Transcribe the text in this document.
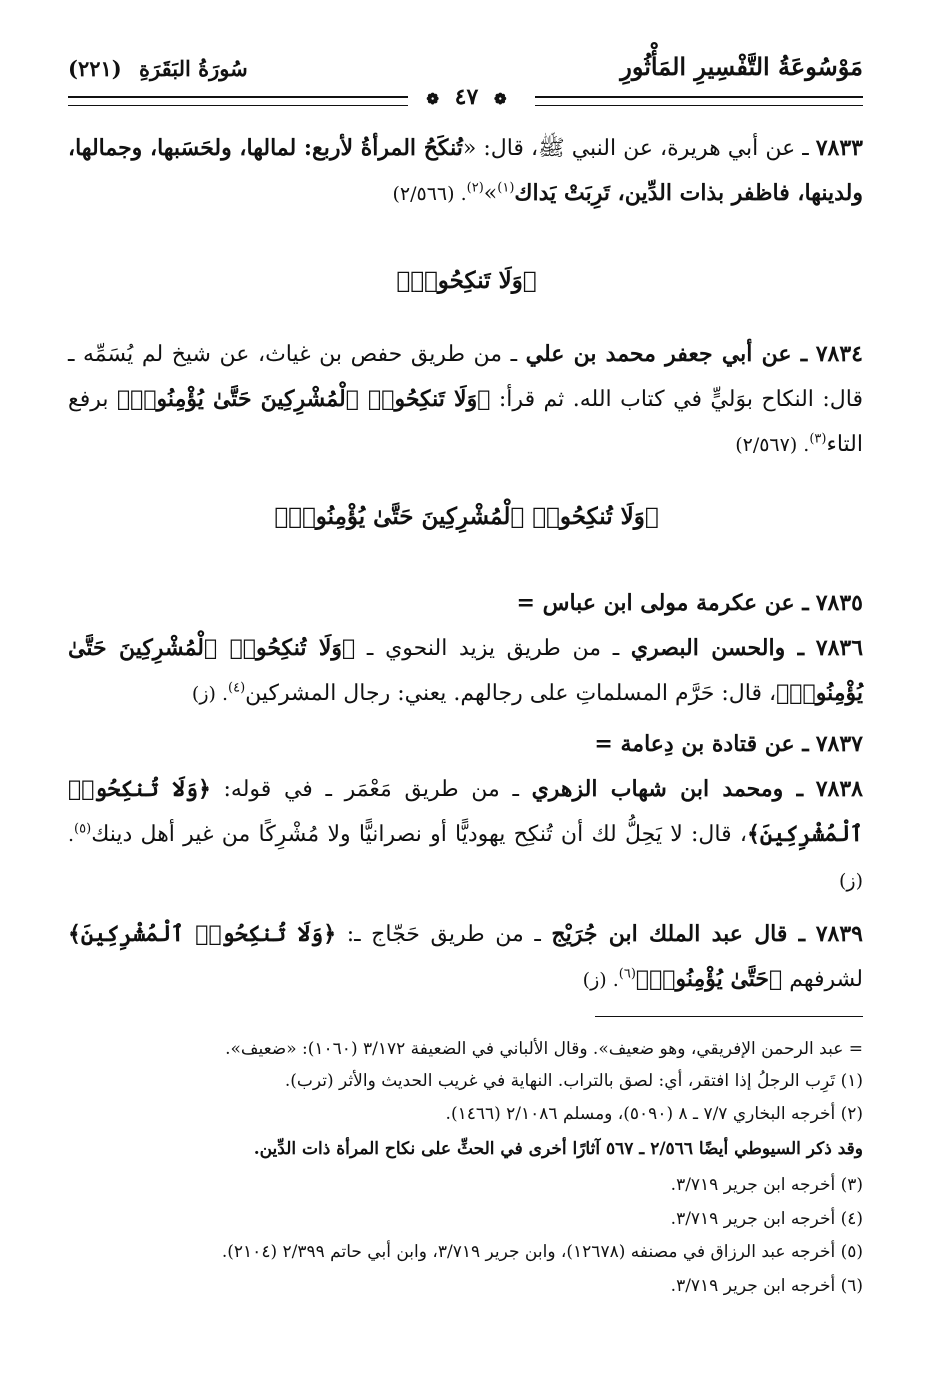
مَوْسُوعَةُ التَّفْسِيرِ المَأْثُورِ
سُورَةُ البَقَرَةِ (٢٢١)
❁ ٤٧ ❁
٧٨٣٣ ـ عن أبي هريرة، عن النبي ﷺ، قال: «تُنكَحُ المرأةُ لأربع: لمالها، ولحَسَبها، وجمالها، ولدينها، فاظفر بذات الدِّين، تَرِبَتْ يَداك$^{(١)}$»$^{(٢)}$. (٢/٥٦٦)
﴿وَلَا تَنكِحُوا۟﴾
٧٨٣٤ ـ عن أبي جعفر محمد بن علي ـ من طريق حفص بن غياث، عن شيخ لم يُسَمِّه ـ قال: النكاح بوَليٍّ في كتاب الله. ثم قرأ: ﴿وَلَا تَنكِحُوا۟ ٱلْمُشْرِكِينَ حَتَّىٰ يُؤْمِنُوا۟﴾ برفع التاء$^{(٣)}$. (٢/٥٦٧)
﴿وَلَا تُنكِحُوا۟ ٱلْمُشْرِكِينَ حَتَّىٰ يُؤْمِنُوا۟﴾
٧٨٣٥ ـ عن عكرمة مولى ابن عباس =
٧٨٣٦ ـ والحسن البصري ـ من طريق يزيد النحوي ـ ﴿وَلَا تُنكِحُوا۟ ٱلْمُشْرِكِينَ حَتَّىٰ يُؤْمِنُوا۟﴾، قال: حَرَّم المسلماتِ على رجالهم. يعني: رجال المشركين$^{(٤)}$. (ز)
٧٨٣٧ ـ عن قتادة بن دِعامة =
٧٨٣٨ ـ ومحمد ابن شهاب الزهري ـ من طريق مَعْمَر ـ في قوله: ﴿وَلَا تُنكِحُوا۟ ٱلْمُشْرِكِينَ﴾، قال: لا يَحِلُّ لك أن تُنكِح يهوديًّا أو نصرانيًّا ولا مُشْرِكًا من غير أهل دينك$^{(٥)}$. (ز)
٧٨٣٩ ـ قال عبد الملك ابن جُرَيْج ـ من طريق حَجّاج ـ: ﴿وَلَا تُنكِحُوا۟ ٱلْمُشْرِكِينَ﴾ لشرفهم ﴿حَتَّىٰ يُؤْمِنُوا۟﴾$^{(٦)}$. (ز)
= عبد الرحمن الإفريقي، وهو ضعيف». وقال الألباني في الضعيفة ٣/١٧٢ (١٠٦٠): «ضعيف».
(١) تَرِب الرجلُ إذا افتقر، أي: لصق بالتراب. النهاية في غريب الحديث والأثر (ترب).
(٢) أخرجه البخاري ٧/٧ ـ ٨ (٥٠٩٠)، ومسلم ٢/١٠٨٦ (١٤٦٦).
وقد ذكر السيوطي أيضًا ٢/٥٦٦ ـ ٥٦٧ آثارًا أخرى في الحثِّ على نكاح المرأة ذات الدِّين.
(٣) أخرجه ابن جرير ٣/٧١٩.
(٤) أخرجه ابن جرير ٣/٧١٩.
(٥) أخرجه عبد الرزاق في مصنفه (١٢٦٧٨)، وابن جرير ٣/٧١٩، وابن أبي حاتم ٢/٣٩٩ (٢١٠٤).
(٦) أخرجه ابن جرير ٣/٧١٩.
